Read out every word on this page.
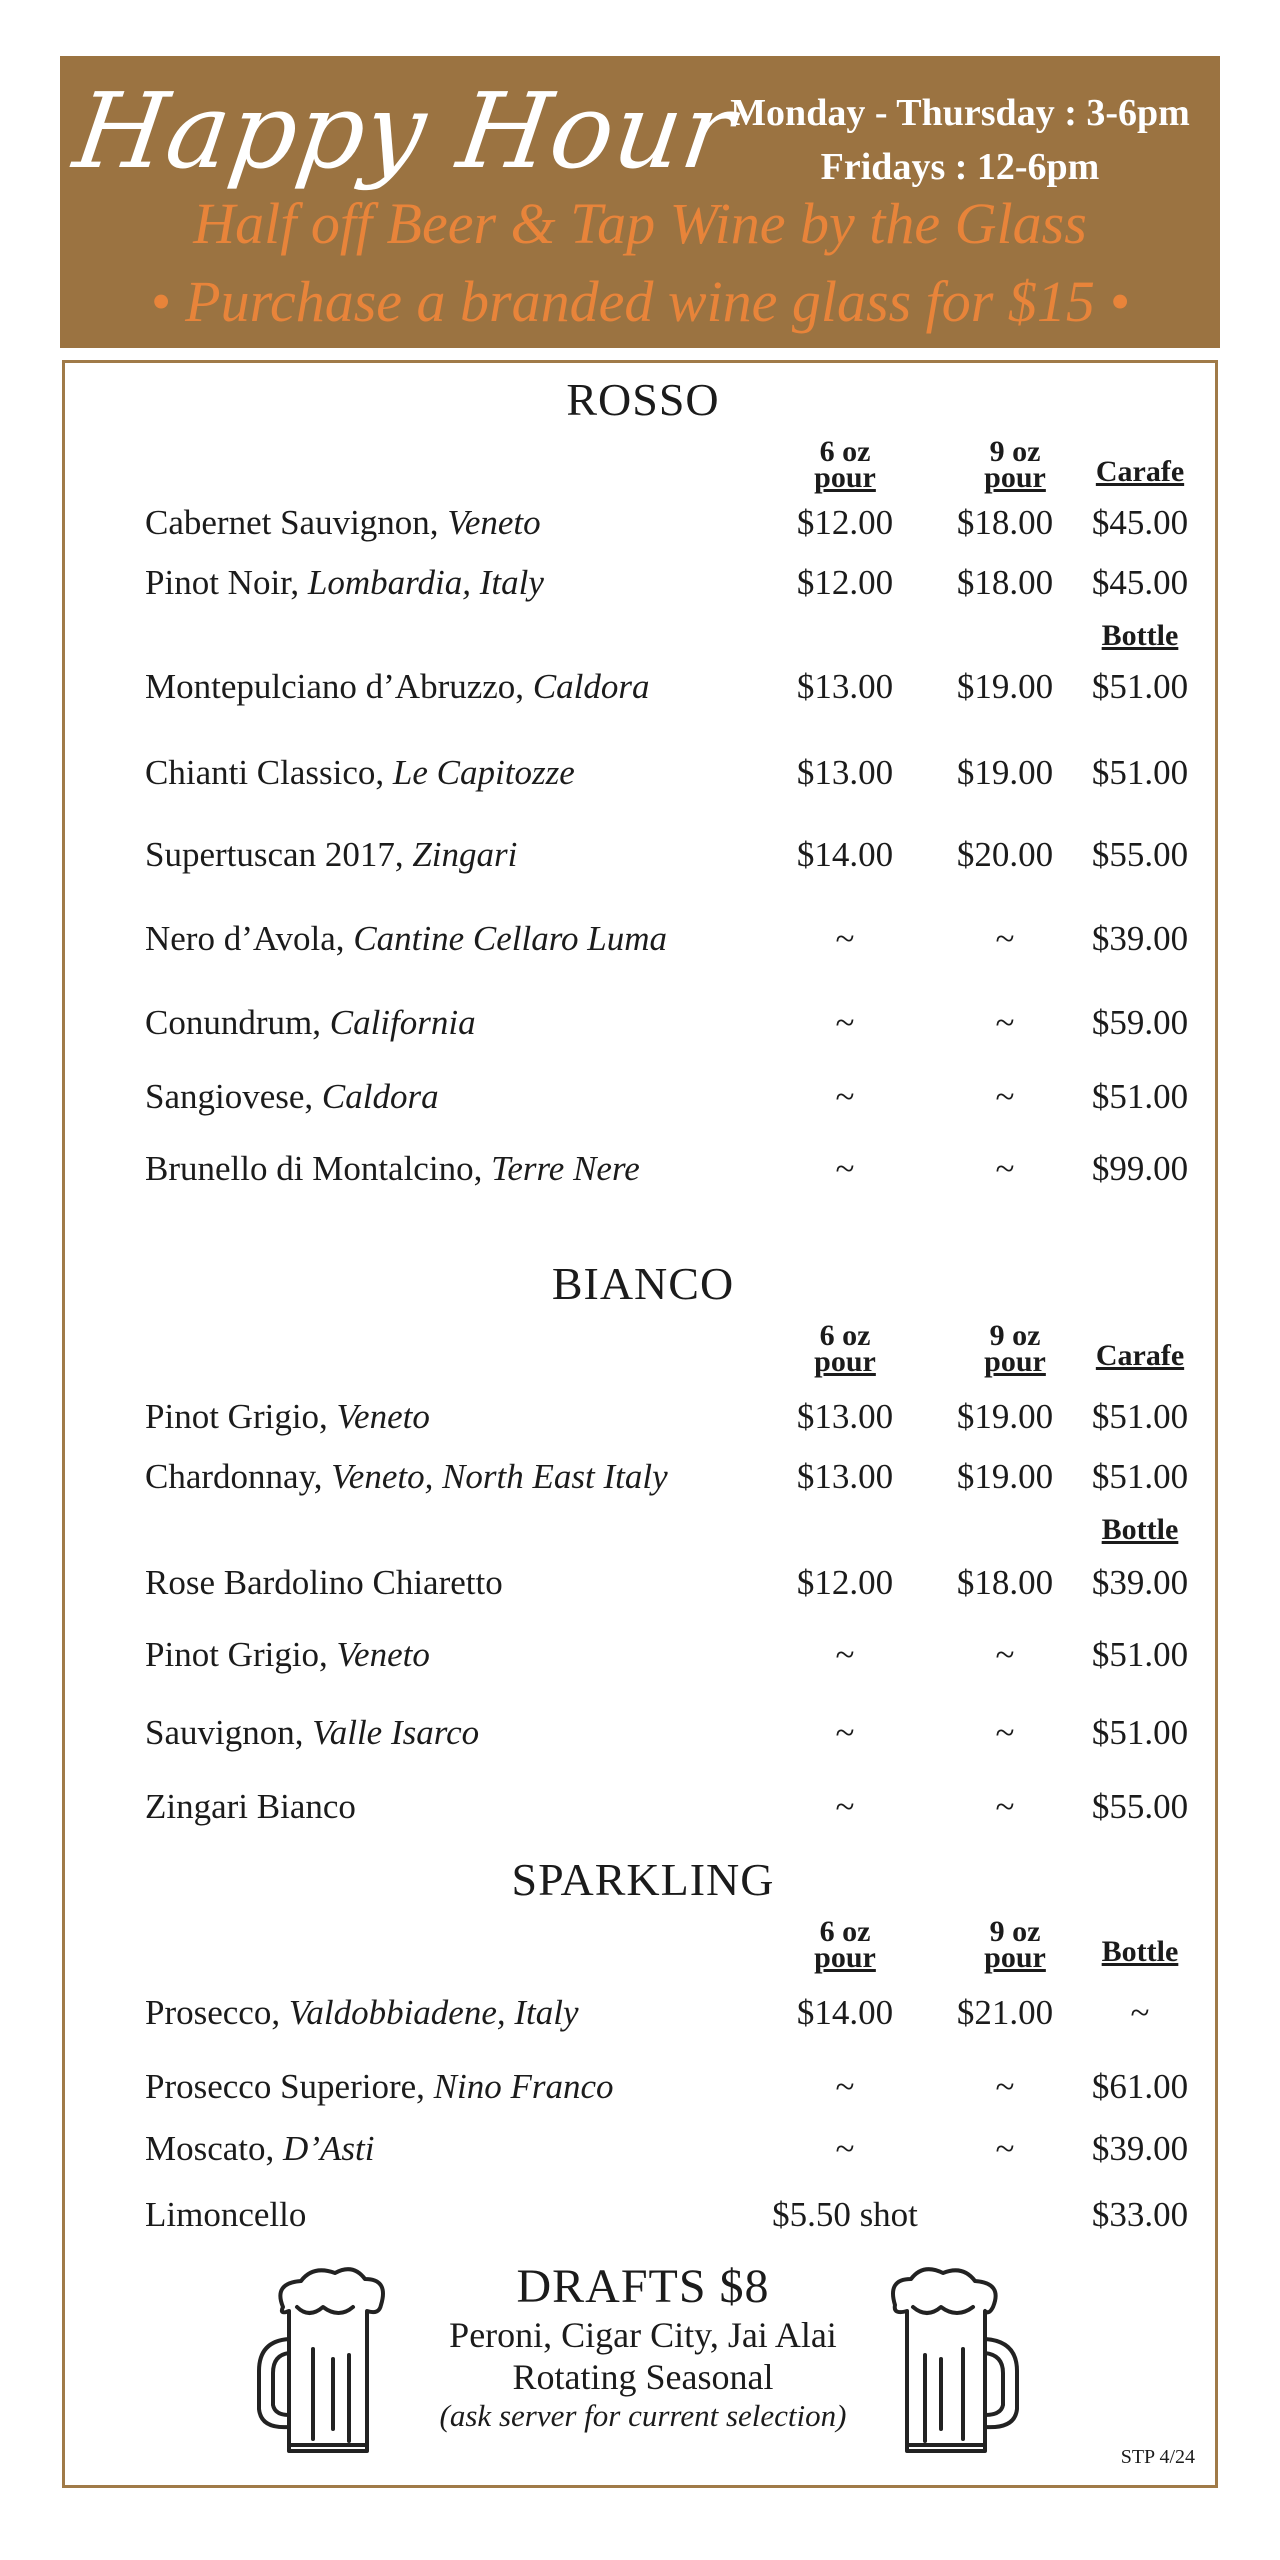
Happy Hour
Monday - Thursday : 3-6pm
Fridays : 12-6pm
Half off Beer & Tap Wine by the Glass
• Purchase a branded wine glass for $15 •
ROSSO
6 oz
pour
9 oz
pour	Carafe
Cabernet Sauvignon, Veneto	$12.00	$18.00	$45.00
Pinot Noir, Lombardia, Italy	$12.00	$18.00	$45.00
Bottle
Montepulciano d’Abruzzo, Caldora	$13.00	$19.00	$51.00
Chianti Classico, Le Capitozze	$13.00	$19.00	$51.00
Supertuscan 2017, Zingari	$14.00	$20.00	$55.00
Nero d’Avola, Cantine Cellaro Luma	~	~	$39.00
Conundrum, California	~	~	$59.00
Sangiovese, Caldora	~	~	$51.00
Brunello di Montalcino, Terre Nere	~	~	$99.00
BIANCO
6 oz
pour
9 oz
pour	Carafe
Pinot Grigio, Veneto	$13.00	$19.00	$51.00
Chardonnay, Veneto, North East Italy	$13.00	$19.00	$51.00
Bottle
Rose Bardolino Chiaretto	$12.00	$18.00	$39.00
Pinot Grigio, Veneto	~	~	$51.00
Sauvignon, Valle Isarco	~	~	$51.00
Zingari Bianco	~	~	$55.00
SPARKLING
6 oz
pour
9 oz
pour	Bottle
Prosecco, Valdobbiadene, Italy	$14.00	$21.00	~
Prosecco Superiore, Nino Franco	~	~	$61.00
Moscato, D’Asti	~	~	$39.00
Limoncello	$5.50 shot	$33.00
DRAFTS $8
Peroni, Cigar City, Jai Alai
Rotating Seasonal
(ask server for current selection)
STP 4/24
